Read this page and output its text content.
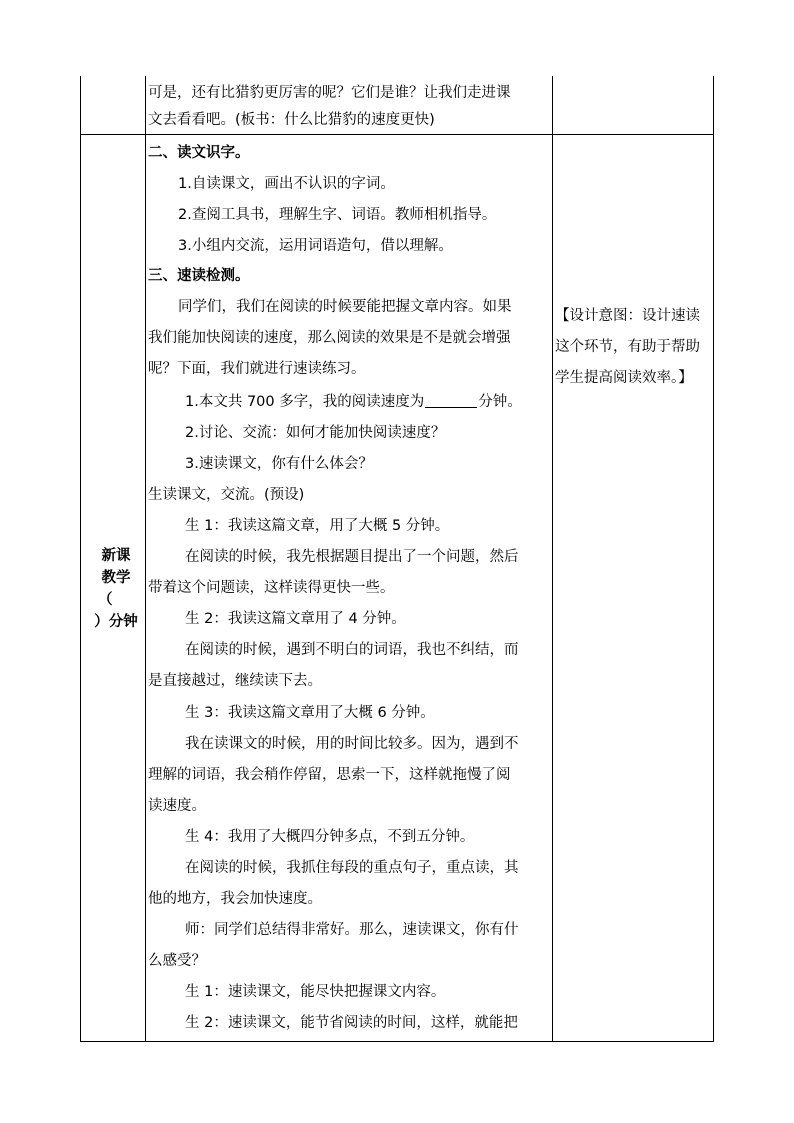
可是，还有比猎豹更厉害的呢？它们是谁？让我们走进课
文去看看吧。(板书：什么比猎豹的速度更快)
新课
教学
（
）分钟
二、读文识字。
1.自读课文，画出不认识的字词。
2.查阅工具书，理解生字、词语。教师相机指导。
3.小组内交流，运用词语造句，借以理解。
三、速读检测。
同学们，我们在阅读的时候要能把握文章内容。如果
我们能加快阅读的速度，那么阅读的效果是不是就会增强
呢？下面，我们就进行速读练习。
1.本文共 700 多字，我的阅读速度为	分钟。
2.讨论、交流：如何才能加快阅读速度？
3.速读课文，你有什么体会？
生读课文，交流。(预设)
生 1：我读这篇文章，用了大概 5 分钟。
在阅读的时候，我先根据题目提出了一个问题，然后
带着这个问题读，这样读得更快一些。
生 2：我读这篇文章用了 4 分钟。
在阅读的时候，遇到不明白的词语，我也不纠结，而
是直接越过，继续读下去。
生 3：我读这篇文章用了大概 6 分钟。
我在读课文的时候，用的时间比较多。因为，遇到不
理解的词语，我会稍作停留，思索一下，这样就拖慢了阅
读速度。
生 4：我用了大概四分钟多点，不到五分钟。
在阅读的时候，我抓住每段的重点句子，重点读，其
他的地方，我会加快速度。
师：同学们总结得非常好。那么，速读课文，你有什
么感受？
生 1：速读课文，能尽快把握课文内容。
生 2：速读课文，能节省阅读的时间，这样，就能把
【设计意图：设计速读
这个环节，有助于帮助
学生提高阅读效率。】
